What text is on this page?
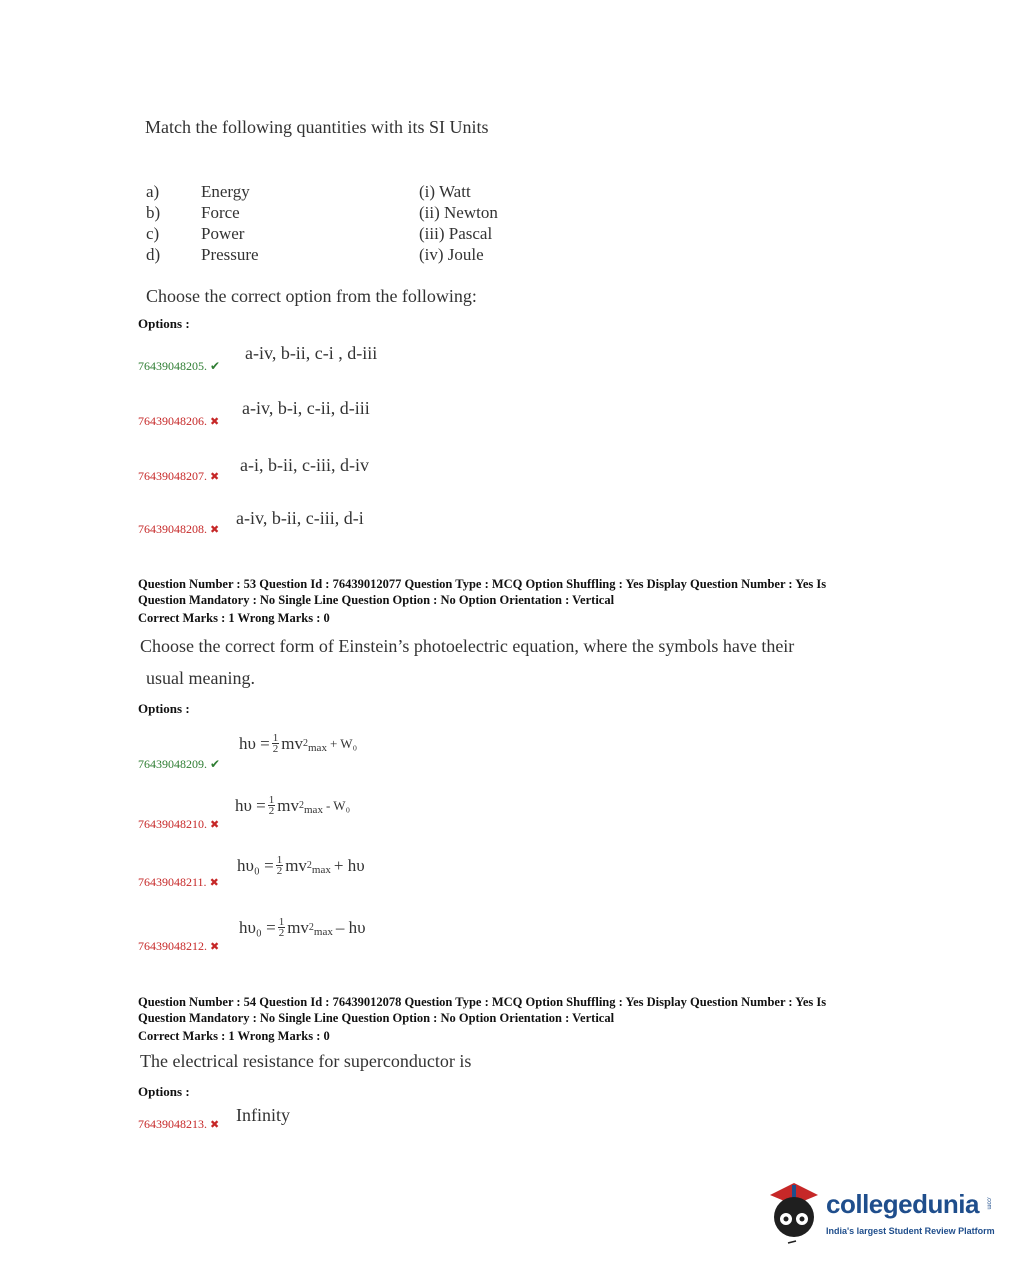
Match the following quantities with its SI Units
a)
b)
c)
d)
Energy
Force
Power
Pressure
(i) Watt
(ii) Newton
(iii) Pascal
(iv) Joule
Choose the correct option from the following:
Options :
76439048205. ✔
a-iv, b-ii, c-i , d-iii
76439048206. ✖
a-iv, b-i, c-ii, d-iii
76439048207. ✖
a-i, b-ii, c-iii, d-iv
76439048208. ✖
a-iv, b-ii, c-iii, d-i
Question Number : 53 Question Id : 76439012077 Question Type : MCQ Option Shuffling : Yes Display Question Number : Yes Is
Question Mandatory : No Single Line Question Option : No Option Orientation : Vertical
Correct Marks : 1 Wrong Marks : 0
Choose the correct form of Einstein’s photoelectric equation, where the symbols have their
usual meaning.
Options :
76439048209. ✔
$h\upsilon = \frac{1}{2}$ mv 2 max + W₀
76439048210. ✖
$h\upsilon = \frac{1}{2}$ mv 2 max - W₀
76439048211. ✖
$h\upsilon_0 = \frac{1}{2}$ mv 2 max + hυ
76439048212. ✖
$h\upsilon_0 = \frac{1}{2}$ mv 2 max – hυ
Question Number : 54 Question Id : 76439012078 Question Type : MCQ Option Shuffling : Yes Display Question Number : Yes Is
Question Mandatory : No Single Line Question Option : No Option Orientation : Vertical
Correct Marks : 1 Wrong Marks : 0
The electrical resistance for superconductor is
Options :
76439048213. ✖ Infinity
collegedunia .com
India's largest Student Review Platform
